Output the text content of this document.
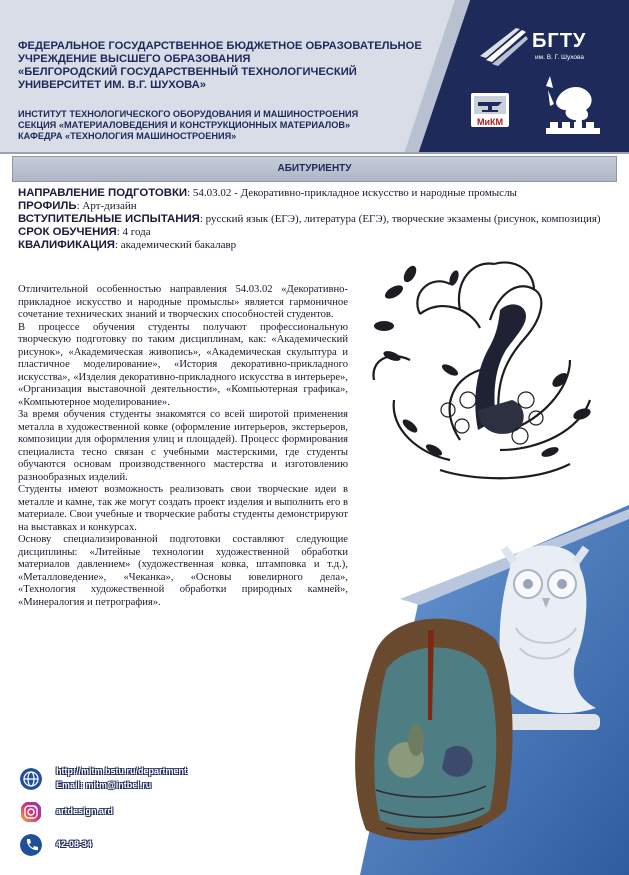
ФЕДЕРАЛЬНОЕ ГОСУДАРСТВЕННОЕ БЮДЖЕТНОЕ ОБРАЗОВАТЕЛЬНОЕ
УЧРЕЖДЕНИЕ ВЫСШЕГО ОБРАЗОВАНИЯ
«БЕЛГОРОДСКИЙ ГОСУДАРСТВЕННЫЙ ТЕХНОЛОГИЧЕСКИЙ
УНИВЕРСИТЕТ ИМ. В.Г. ШУХОВА»
ИНСТИТУТ ТЕХНОЛОГИЧЕСКОГО ОБОРУДОВАНИЯ И МАШИНОСТРОЕНИЯ
СЕКЦИЯ «МАТЕРИАЛОВЕДЕНИЯ И КОНСТРУКЦИОННЫХ МАТЕРИАЛОВ»
КАФЕДРА «ТЕХНОЛОГИЯ МАШИНОСТРОЕНИЯ»
БГТУ
им. В. Г. Шухова
МиКМ
АБИТУРИЕНТУ
НАПРАВЛЕНИЕ ПОДГОТОВКИ: 54.03.02 - Декоративно-прикладное искусство и народные промыслы
ПРОФИЛЬ: Арт-дизайн
ВСТУПИТЕЛЬНЫЕ ИСПЫТАНИЯ: русский язык (ЕГЭ), литература (ЕГЭ), творческие экзамены (рисунок, композиция)
СРОК ОБУЧЕНИЯ: 4 года
КВАЛИФИКАЦИЯ: академический бакалавр

Отличительной особенностью направления 54.03.02 «Декоративно-прикладное искусство и народные промыслы» является гармоничное сочетание технических знаний и творческих способностей студентов.

В процессе обучения студенты получают профессиональную творческую подготовку по таким дисциплинам, как: «Академический рисунок», «Академическая живопись», «Академическая скульптура и пластичное моделирование», «История декоративно-прикладного искусства», «Изделия декоративно-прикладного искусства в интерьере», «Организация выставочной деятельности», «Компьютерная графика», «Компьютерное моделирование».

За время обучения студенты знакомятся со всей широтой применения металла в художественной ковке (оформление интерьеров, экстерьеров, композиции для оформления улиц и площадей). Процесс формирования специалиста тесно связан с учебными мастерскими, где студенты обучаются основам производственного мастерства и изготовлению разнообразных изделий.

Студенты имеют возможность реализовать свои творческие идеи в металле и камне, так же могут создать проект изделия и выполнить его в материале. Свои учебные и творческие работы студенты демонстрируют на выставках и конкурсах.

Основу специализированной подготовки составляют следующие дисциплины: «Литейные технологии художественной обработки материалов давлением» (художественная ковка, штамповка и т.д.), «Металловедение», «Чеканка», «Основы ювелирного дела», «Технология художественной обработки природных камней», «Минералогия и петрография».

http://mitm.bstu.ru/department
Email: mitm@intbel.ru
artdesign.ard
42-08-34
